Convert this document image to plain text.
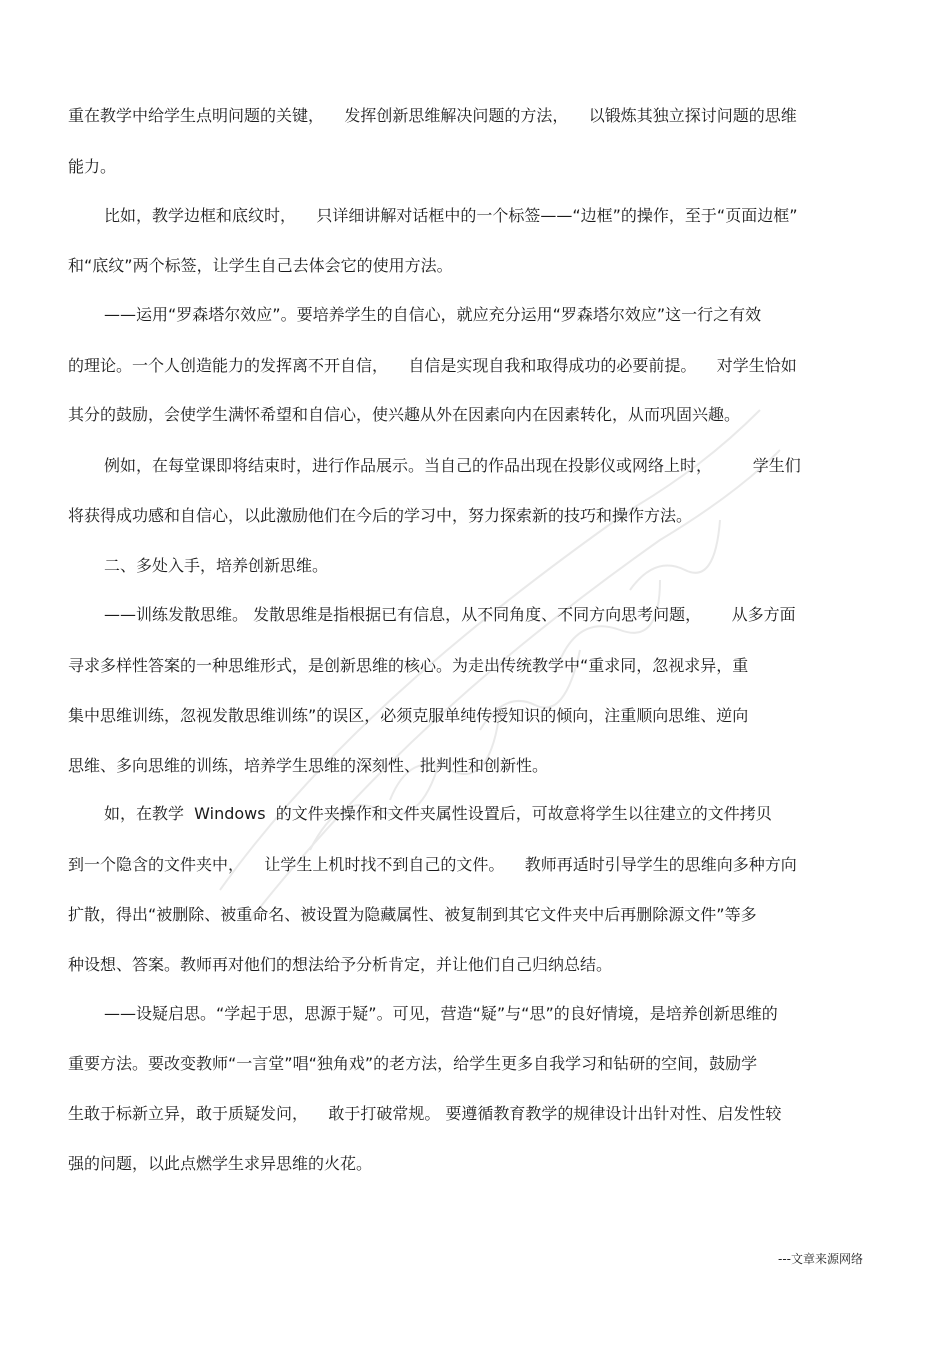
重在教学中给学生点明问题的关键，    发挥创新思维解决问题的方法，    以锻炼其独立探讨问题的思维
能力。
比如，教学边框和底纹时，    只详细讲解对话框中的一个标签——“边框”的操作，至于“页面边框”
和“底纹”两个标签，让学生自己去体会它的使用方法。
——运用“罗森塔尔效应”。要培养学生的自信心，就应充分运用“罗森塔尔效应”这一行之有效
的理论。一个人创造能力的发挥离不开自信，    自信是实现自我和取得成功的必要前提。    对学生恰如
其分的鼓励，会使学生满怀希望和自信心，使兴趣从外在因素向内在因素转化，从而巩固兴趣。
例如，在每堂课即将结束时，进行作品展示。当自己的作品出现在投影仪或网络上时，        学生们
将获得成功感和自信心，以此激励他们在今后的学习中，努力探索新的技巧和操作方法。
二、多处入手，培养创新思维。
——训练发散思维。 发散思维是指根据已有信息，从不同角度、不同方向思考问题，      从多方面
寻求多样性答案的一种思维形式，是创新思维的核心。为走出传统教学中“重求同，忽视求异，重
集中思维训练，忽视发散思维训练”的误区，必须克服单纯传授知识的倾向，注重顺向思维、逆向
思维、多向思维的训练，培养学生思维的深刻性、批判性和创新性。
如，在教学  Windows  的文件夹操作和文件夹属性设置后，可故意将学生以往建立的文件拷贝
到一个隐含的文件夹中，    让学生上机时找不到自己的文件。    教师再适时引导学生的思维向多种方向
扩散，得出“被删除、被重命名、被设置为隐藏属性、被复制到其它文件夹中后再删除源文件”等多
种设想、答案。教师再对他们的想法给予分析肯定，并让他们自己归纳总结。
——设疑启思。“学起于思，思源于疑”。可见，营造“疑”与“思”的良好情境，是培养创新思维的
重要方法。要改变教师“一言堂”唱“独角戏”的老方法，给学生更多自我学习和钻研的空间，鼓励学
生敢于标新立异，敢于质疑发问，    敢于打破常规。 要遵循教育教学的规律设计出针对性、启发性较
强的问题，以此点燃学生求异思维的火花。
---文章来源网络
